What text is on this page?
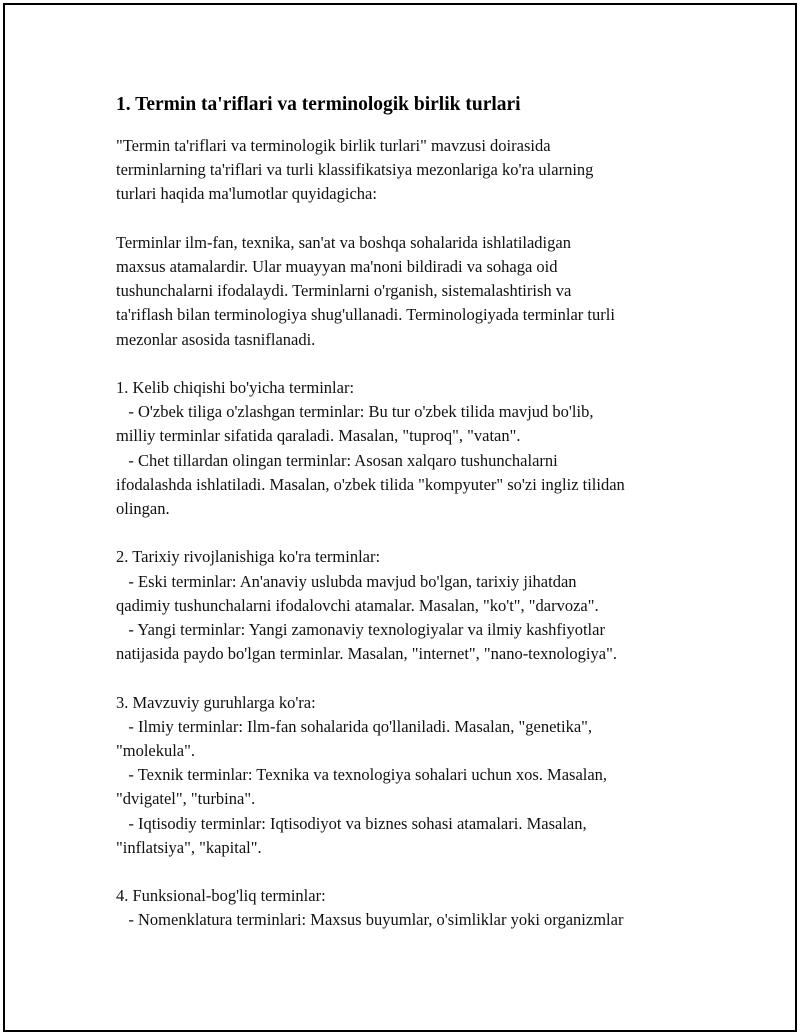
1. Termin ta'riflari va terminologik birlik turlari

"Termin ta'riflari va terminologik birlik turlari" mavzusi doirasida
terminlarning ta'riflari va turli klassifikatsiya mezonlariga ko'ra ularning
turlari haqida ma'lumotlar quyidagicha:

Terminlar ilm-fan, texnika, san'at va boshqa sohalarida ishlatiladigan
maxsus atamalardir. Ular muayyan ma'noni bildiradi va sohaga oid
tushunchalarni ifodalaydi. Terminlarni o'rganish, sistemalashtirish va
ta'riflash bilan terminologiya shug'ullanadi. Terminologiyada terminlar turli
mezonlar asosida tasniflanadi.

1. Kelib chiqishi bo'yicha terminlar:
- O'zbek tiliga o'zlashgan terminlar: Bu tur o'zbek tilida mavjud bo'lib,
milliy terminlar sifatida qaraladi. Masalan, "tuproq", "vatan".
- Chet tillardan olingan terminlar: Asosan xalqaro tushunchalarni
ifodalashda ishlatiladi. Masalan, o'zbek tilida "kompyuter" so'zi ingliz tilidan
olingan.

2. Tarixiy rivojlanishiga ko'ra terminlar:
- Eski terminlar: An'anaviy uslubda mavjud bo'lgan, tarixiy jihatdan
qadimiy tushunchalarni ifodalovchi atamalar. Masalan, "ko't", "darvoza".
- Yangi terminlar: Yangi zamonaviy texnologiyalar va ilmiy kashfiyotlar
natijasida paydo bo'lgan terminlar. Masalan, "internet", "nano-texnologiya".

3. Mavzuviy guruhlarga ko'ra:
- Ilmiy terminlar: Ilm-fan sohalarida qo'llaniladi. Masalan, "genetika",
"molekula".
- Texnik terminlar: Texnika va texnologiya sohalari uchun xos. Masalan,
"dvigatel", "turbina".
- Iqtisodiy terminlar: Iqtisodiyot va biznes sohasi atamalari. Masalan,
"inflatsiya", "kapital".

4. Funksional-bog'liq terminlar:
- Nomenklatura terminlari: Maxsus buyumlar, o'simliklar yoki organizmlar
